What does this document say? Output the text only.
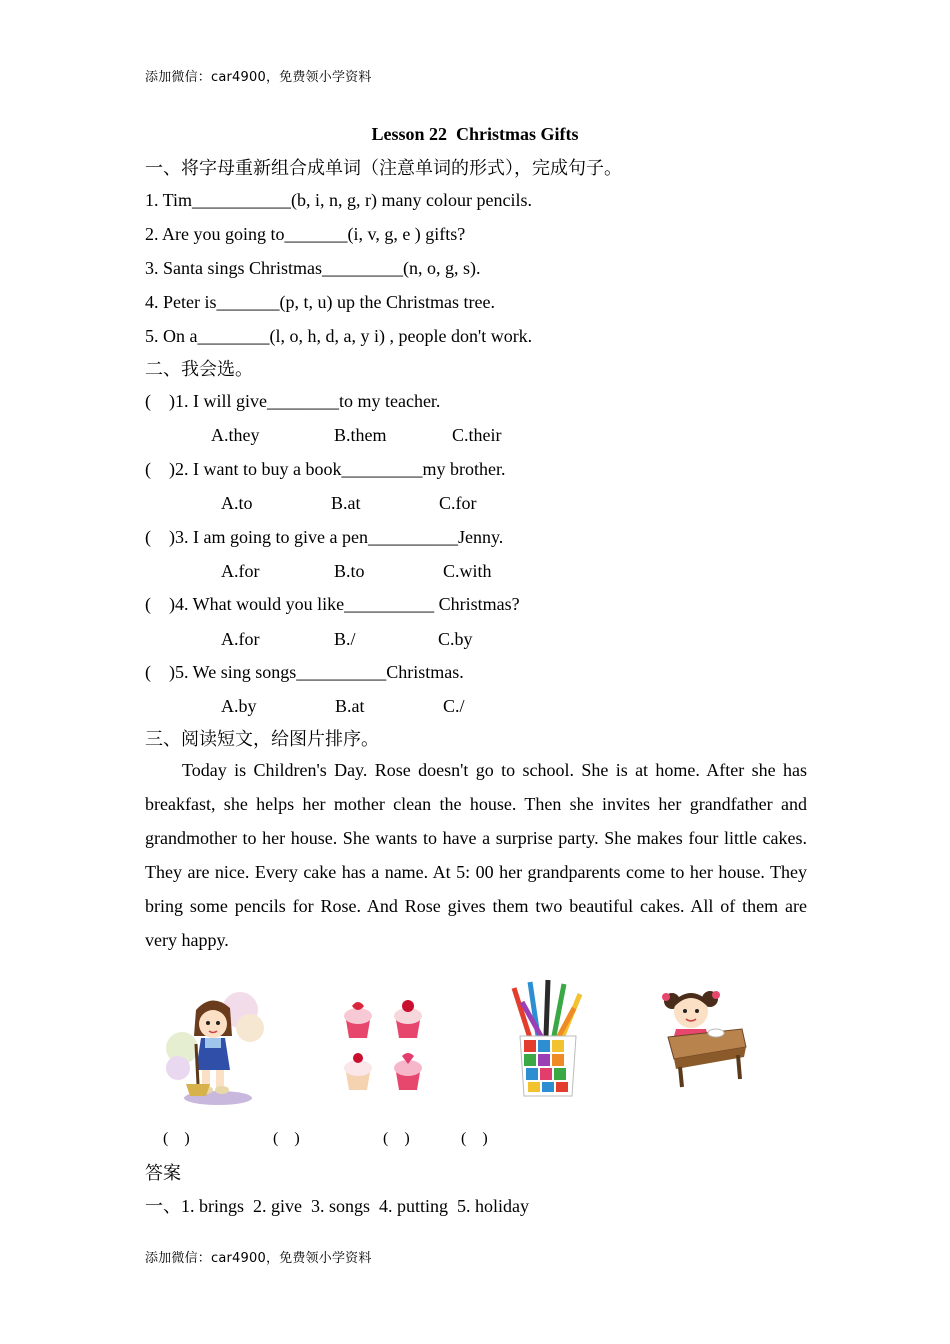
添加微信：car4900，免费领小学资料
Lesson 22  Christmas Gifts
一、将字母重新组合成单词（注意单词的形式），完成句子。
1. Tim___________(b, i, n, g, r) many colour pencils.
2. Are you going to_______(i, v, g, e ) gifts?
3. Santa sings Christmas_________(n, o, g, s).
4. Peter is_______(p, t, u) up the Christmas tree.
5. On a________(l, o, h, d, a, y i) , people don't work.
二、我会选。
(    )1. I will give________to my teacher.
A.they	B.them	C.their
(    )2. I want to buy a book_________my brother.
A.to	B.at	C.for
(    )3. I am going to give a pen__________Jenny.
A.for	B.to	C.with
(    )4. What would you like__________ Christmas?
A.for	B./	C.by
(    )5. We sing songs__________Christmas.
A.by	B.at	C./
三、阅读短文，给图片排序。
Today is Children's Day. Rose doesn't go to school. She is at home. After she has breakfast, she helps her mother clean the house. Then she invites her grandfather and grandmother to her house. She wants to have a surprise party. She makes four little cakes. They are nice. Every cake has a name. At 5: 00 her grandparents come to her house. They bring some pencils for Rose. And Rose gives them two beautiful cakes. All of them are very happy.
(    )	(    )	(    )	(    )
答案
一、1. brings  2. give  3. songs  4. putting  5. holiday
添加微信：car4900，免费领小学资料
